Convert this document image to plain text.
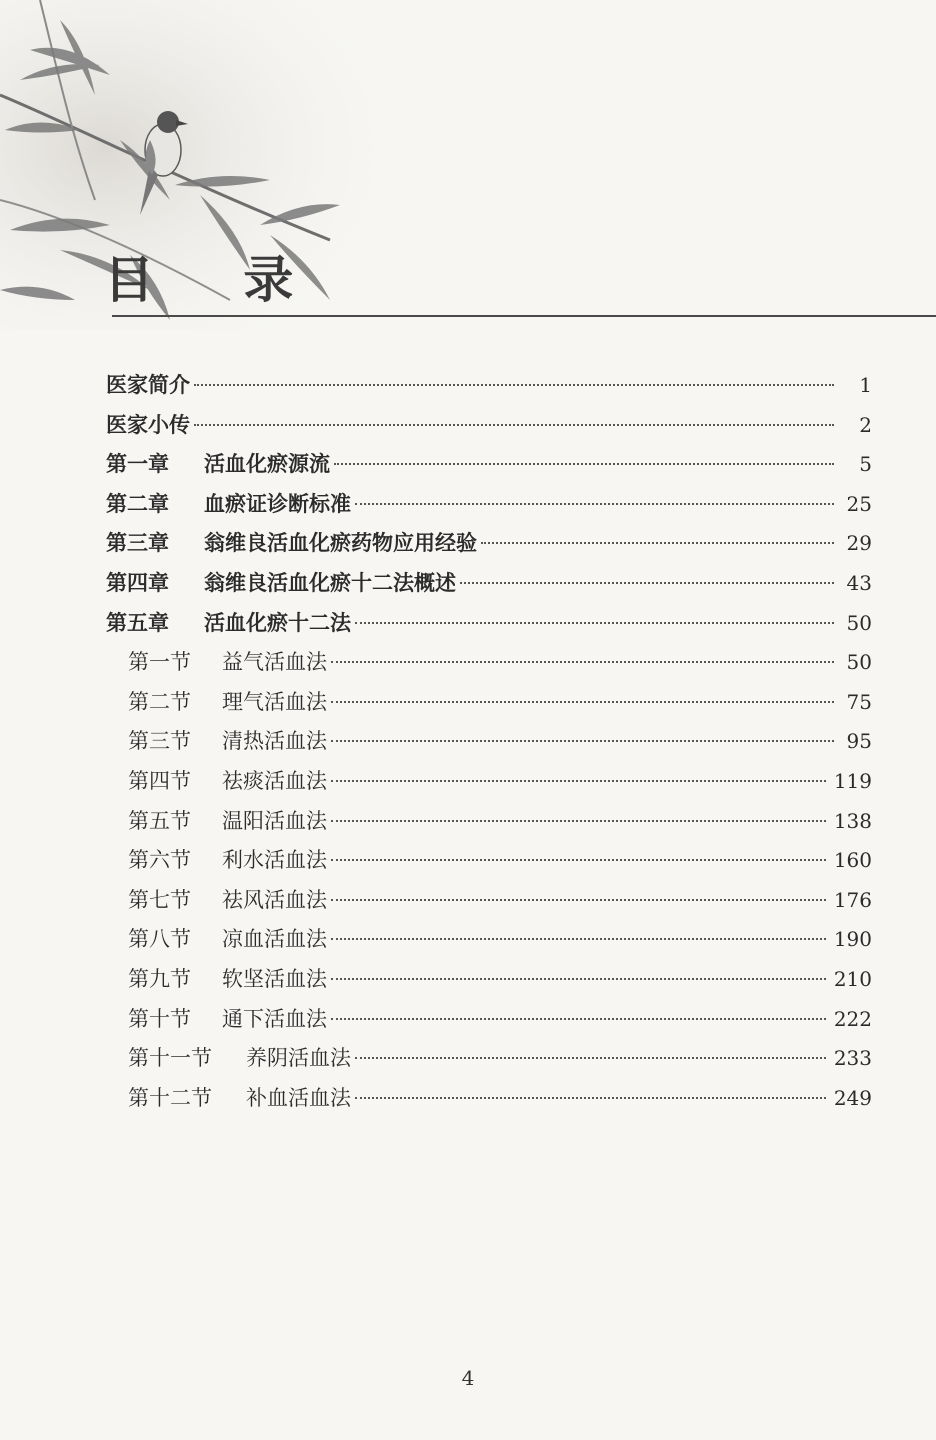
目 录
医家简介	1
医家小传	2
第一章	活血化瘀源流	5
第二章	血瘀证诊断标准	25
第三章	翁维良活血化瘀药物应用经验	29
第四章	翁维良活血化瘀十二法概述	43
第五章	活血化瘀十二法	50
第一节	益气活血法	50
第二节	理气活血法	75
第三节	清热活血法	95
第四节	祛痰活血法	119
第五节	温阳活血法	138
第六节	利水活血法	160
第七节	祛风活血法	176
第八节	凉血活血法	190
第九节	软坚活血法	210
第十节	通下活血法	222
第十一节	养阴活血法	233
第十二节	补血活血法	249
4
